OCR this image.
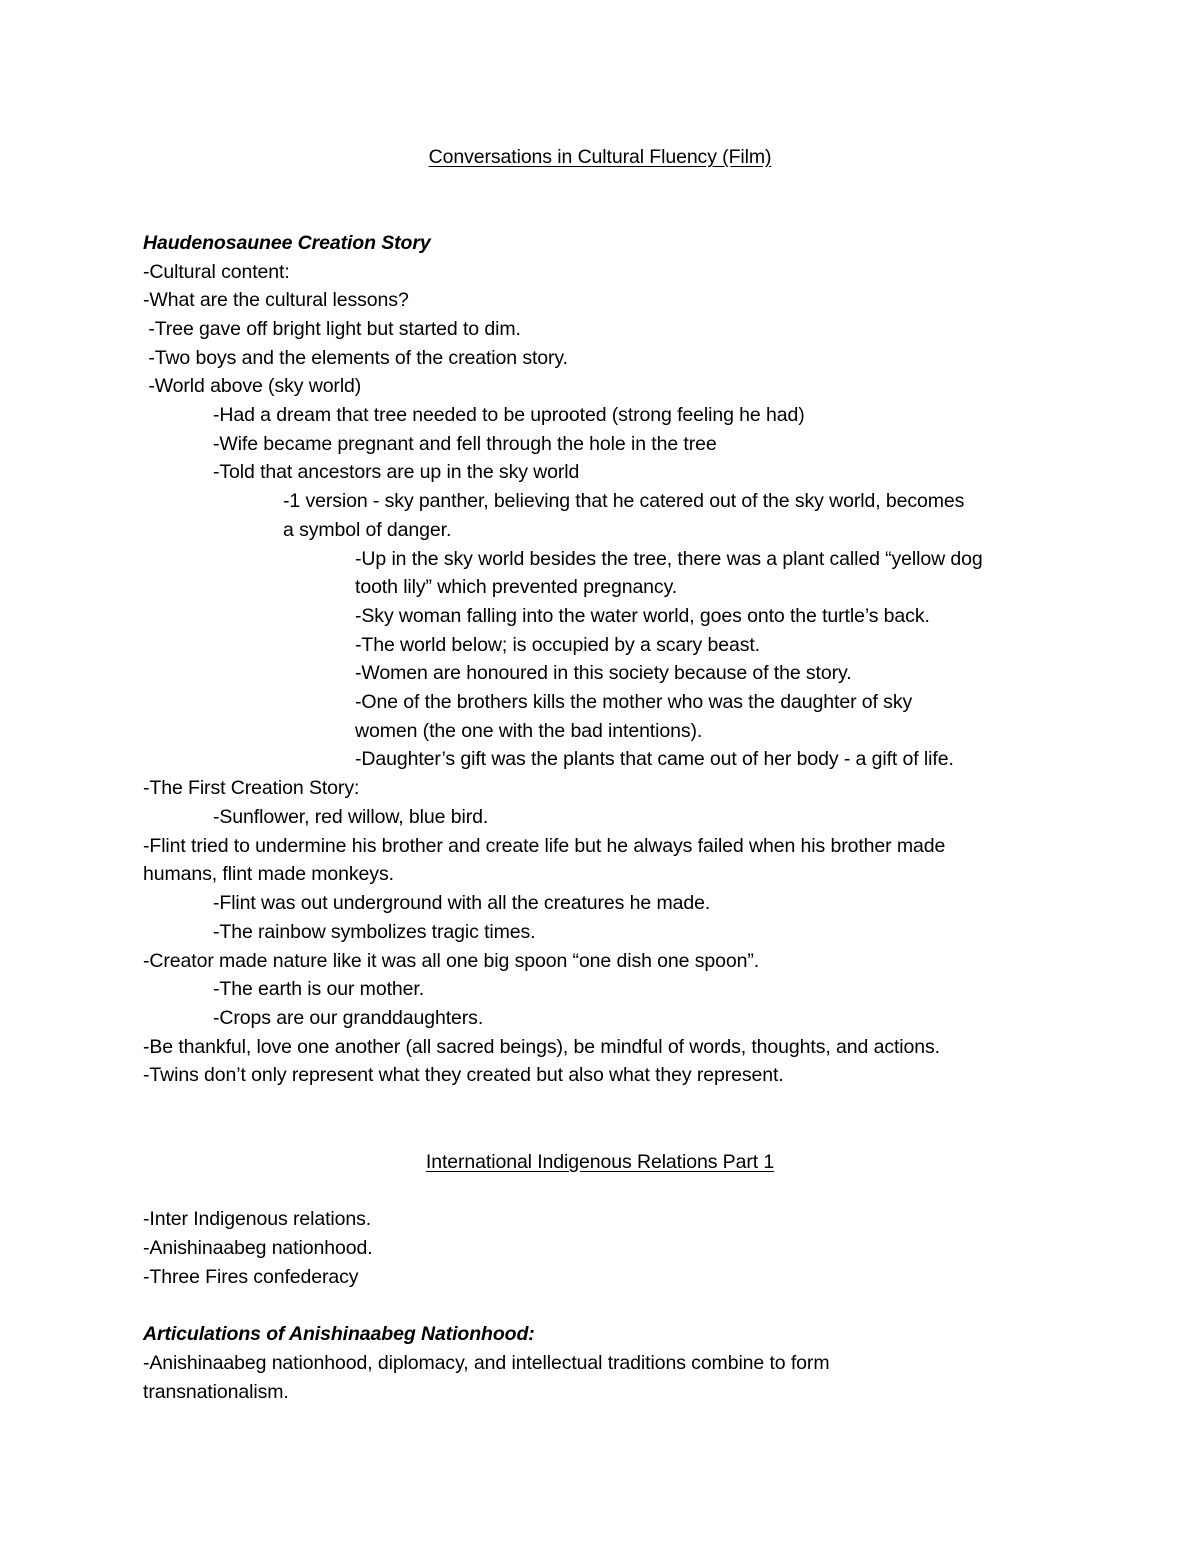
Conversations in Cultural Fluency (Film)
Haudenosaunee Creation Story
-Cultural content:
-What are the cultural lessons?
-Tree gave off bright light but started to dim.
-Two boys and the elements of the creation story.
-World above (sky world)
-Had a dream that tree needed to be uprooted (strong feeling he had)
-Wife became pregnant and fell through the hole in the tree
-Told that ancestors are up in the sky world
-1 version - sky panther, believing that he catered out of the sky world, becomes
a symbol of danger.
-Up in the sky world besides the tree, there was a plant called “yellow dog
tooth lily” which prevented pregnancy.
-Sky woman falling into the water world, goes onto the turtle’s back.
-The world below; is occupied by a scary beast.
-Women are honoured in this society because of the story.
-One of the brothers kills the mother who was the daughter of sky
women (the one with the bad intentions).
-Daughter’s gift was the plants that came out of her body - a gift of life.
-The First Creation Story:
-Sunflower, red willow, blue bird.
-Flint tried to undermine his brother and create life but he always failed when his brother made
humans, flint made monkeys.
-Flint was out underground with all the creatures he made.
-The rainbow symbolizes tragic times.
-Creator made nature like it was all one big spoon “one dish one spoon”.
-The earth is our mother.
-Crops are our granddaughters.
-Be thankful, love one another (all sacred beings), be mindful of words, thoughts, and actions.
-Twins don’t only represent what they created but also what they represent.
International Indigenous Relations Part 1
-Inter Indigenous relations.
-Anishinaabeg nationhood.
-Three Fires confederacy
Articulations of Anishinaabeg Nationhood:
-Anishinaabeg nationhood, diplomacy, and intellectual traditions combine to form
transnationalism.
